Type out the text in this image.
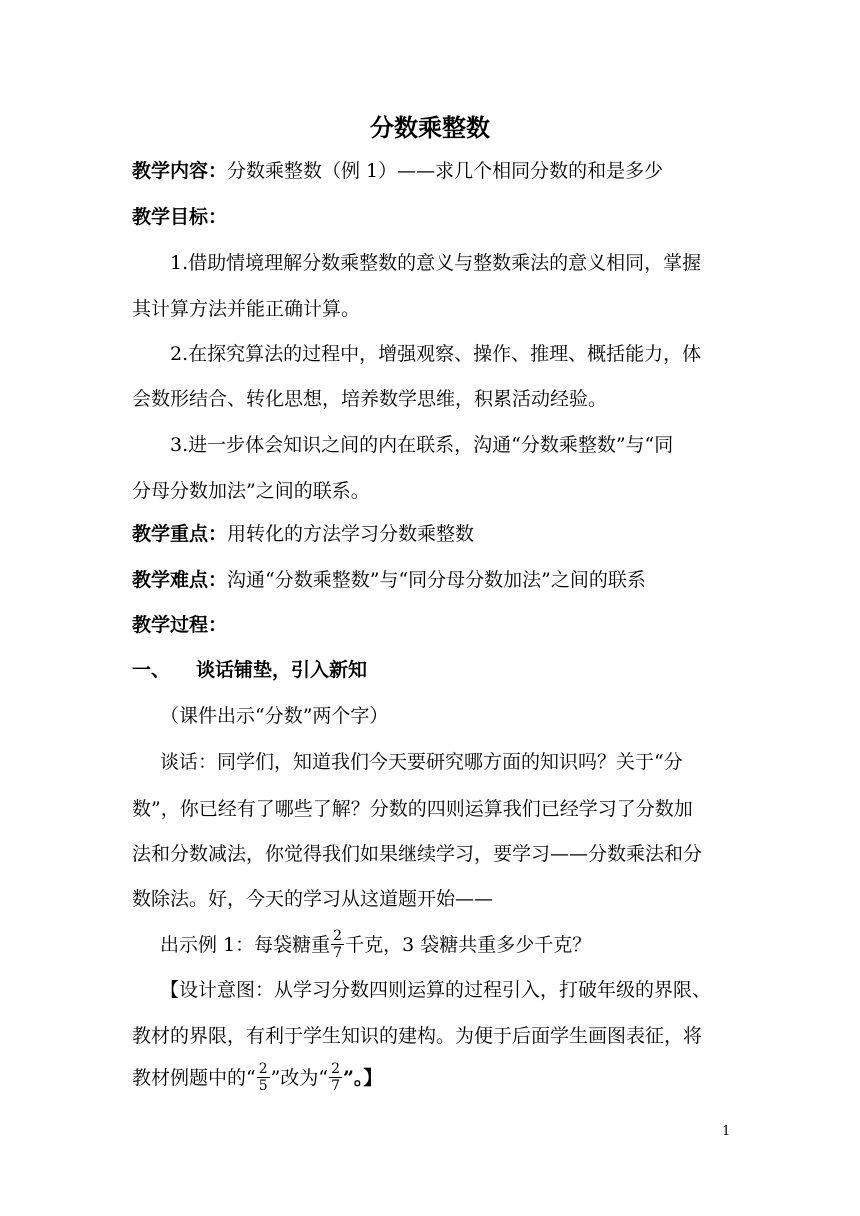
分数乘整数
教学内容：分数乘整数（例 1）——求几个相同分数的和是多少
教学目标：
1.借助情境理解分数乘整数的意义与整数乘法的意义相同，掌握
其计算方法并能正确计算。
2.在探究算法的过程中，增强观察、操作、推理、概括能力，体
会数形结合、转化思想，培养数学思维，积累活动经验。
3.进一步体会知识之间的内在联系，沟通“分数乘整数”与“同
分母分数加法”之间的联系。
教学重点：用转化的方法学习分数乘整数
教学难点：沟通“分数乘整数”与“同分母分数加法”之间的联系
教学过程：
一、 谈话铺垫，引入新知
（课件出示“分数”两个字）
谈话：同学们，知道我们今天要研究哪方面的知识吗？关于“分
数”，你已经有了哪些了解？分数的四则运算我们已经学习了分数加
法和分数减法，你觉得我们如果继续学习，要学习——分数乘法和分
数除法。好，今天的学习从这道题开始——
出示例 1：每袋糖重 $\frac{2}{7}$ 千克，3 袋糖共重多少千克？
【设计意图：从学习分数四则运算的过程引入，打破年级的界限、
教材的界限，有利于学生知识的建构。为便于后面学生画图表征，将
教材例题中的“ $\frac{2}{5}$ ”改为“ $\frac{2}{7}$ ”。】
1
